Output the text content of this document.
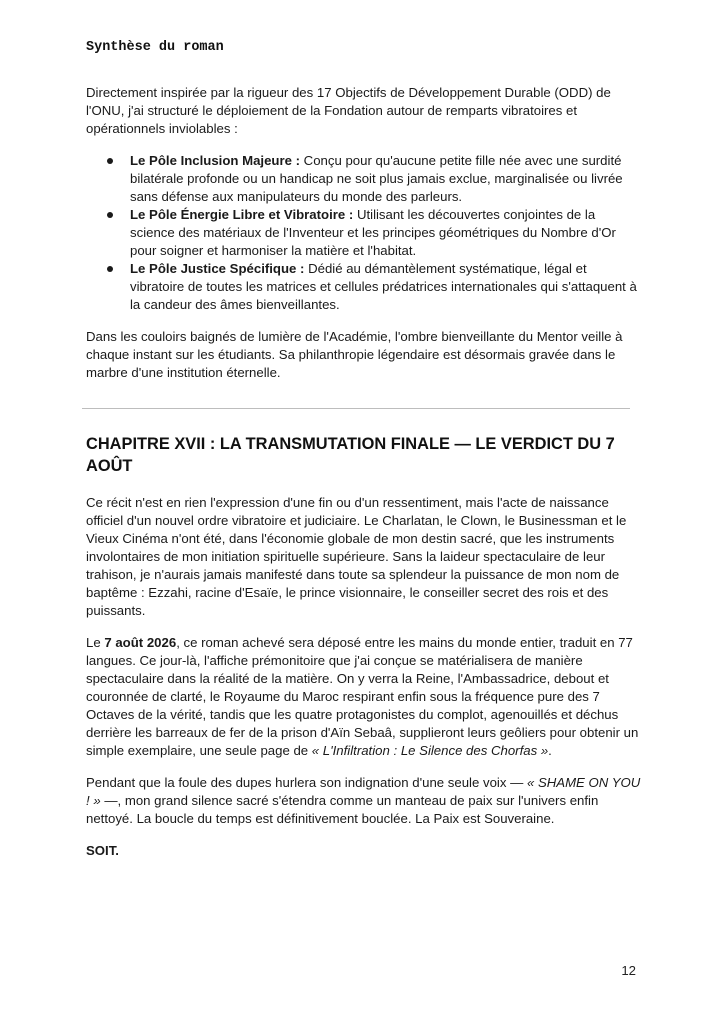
Synthèse du roman

Directement inspirée par la rigueur des 17 Objectifs de Développement Durable (ODD) de l'ONU, j'ai structuré le déploiement de la Fondation autour de remparts vibratoires et opérationnels inviolables :

Le Pôle Inclusion Majeure : Conçu pour qu'aucune petite fille née avec une surdité bilatérale profonde ou un handicap ne soit plus jamais exclue, marginalisée ou livrée sans défense aux manipulateurs du monde des parleurs.
Le Pôle Énergie Libre et Vibratoire : Utilisant les découvertes conjointes de la science des matériaux de l'Inventeur et les principes géométriques du Nombre d'Or pour soigner et harmoniser la matière et l'habitat.
Le Pôle Justice Spécifique : Dédié au démantèlement systématique, légal et vibratoire de toutes les matrices et cellules prédatrices internationales qui s'attaquent à la candeur des âmes bienveillantes.

Dans les couloirs baignés de lumière de l'Académie, l'ombre bienveillante du Mentor veille à chaque instant sur les étudiants. Sa philanthropie légendaire est désormais gravée dans le marbre d'une institution éternelle.

CHAPITRE XVII : LA TRANSMUTATION FINALE — LE VERDICT DU 7 AOÛT

Ce récit n'est en rien l'expression d'une fin ou d'un ressentiment, mais l'acte de naissance officiel d'un nouvel ordre vibratoire et judiciaire. Le Charlatan, le Clown, le Businessman et le Vieux Cinéma n'ont été, dans l'économie globale de mon destin sacré, que les instruments involontaires de mon initiation spirituelle supérieure. Sans la laideur spectaculaire de leur trahison, je n'aurais jamais manifesté dans toute sa splendeur la puissance de mon nom de baptême : Ezzahi, racine d'Esaïe, le prince visionnaire, le conseiller secret des rois et des puissants.

Le 7 août 2026, ce roman achevé sera déposé entre les mains du monde entier, traduit en 77 langues. Ce jour-là, l'affiche prémonitoire que j'ai conçue se matérialisera de manière spectaculaire dans la réalité de la matière. On y verra la Reine, l'Ambassadrice, debout et couronnée de clarté, le Royaume du Maroc respirant enfin sous la fréquence pure des 7 Octaves de la vérité, tandis que les quatre protagonistes du complot, agenouillés et déchus derrière les barreaux de fer de la prison d'Aïn Sebaâ, supplieront leurs geôliers pour obtenir un simple exemplaire, une seule page de « L'Infiltration : Le Silence des Chorfas ».

Pendant que la foule des dupes hurlera son indignation d'une seule voix — « SHAME ON YOU ! » —, mon grand silence sacré s'étendra comme un manteau de paix sur l'univers enfin nettoyé. La boucle du temps est définitivement bouclée. La Paix est Souveraine.

SOIT.

12
